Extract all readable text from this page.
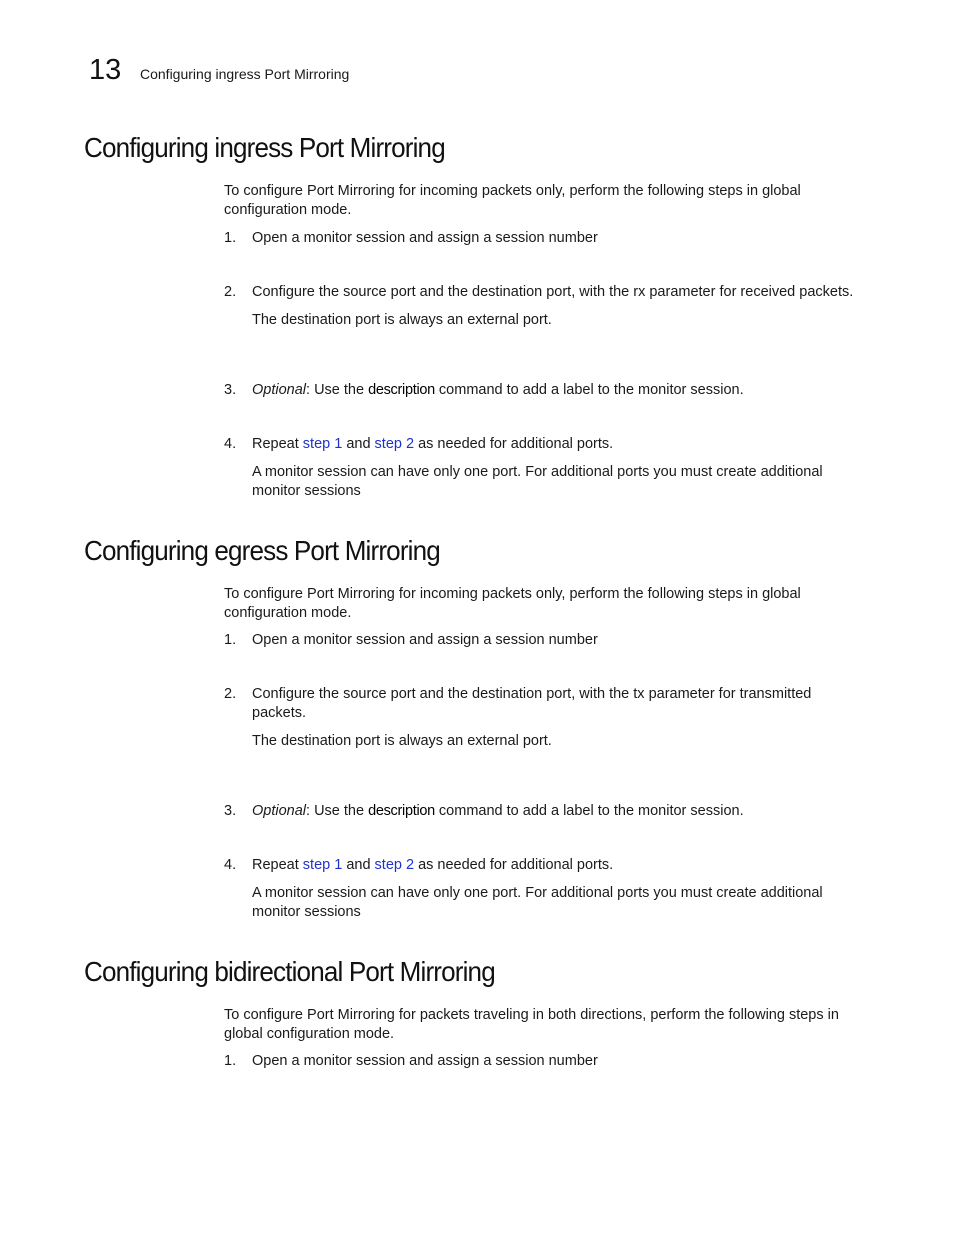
13 Configuring ingress Port Mirroring
Configuring ingress Port Mirroring

To configure Port Mirroring for incoming packets only, perform the following steps in global configuration mode.

1. Open a monitor session and assign a session number
2. Configure the source port and the destination port, with the rx parameter for received packets.

The destination port is always an external port.

3. Optional: Use the description command to add a label to the monitor session.
4. Repeat step 1 and step 2 as needed for additional ports.

A monitor session can have only one port. For additional ports you must create additional monitor sessions

Configuring egress Port Mirroring

To configure Port Mirroring for incoming packets only, perform the following steps in global configuration mode.

1. Open a monitor session and assign a session number
2. Configure the source port and the destination port, with the tx parameter for transmitted packets.

The destination port is always an external port.

3. Optional: Use the description command to add a label to the monitor session.
4. Repeat step 1 and step 2 as needed for additional ports.

A monitor session can have only one port. For additional ports you must create additional monitor sessions

Configuring bidirectional Port Mirroring

To configure Port Mirroring for packets traveling in both directions, perform the following steps in global configuration mode.

1. Open a monitor session and assign a session number
